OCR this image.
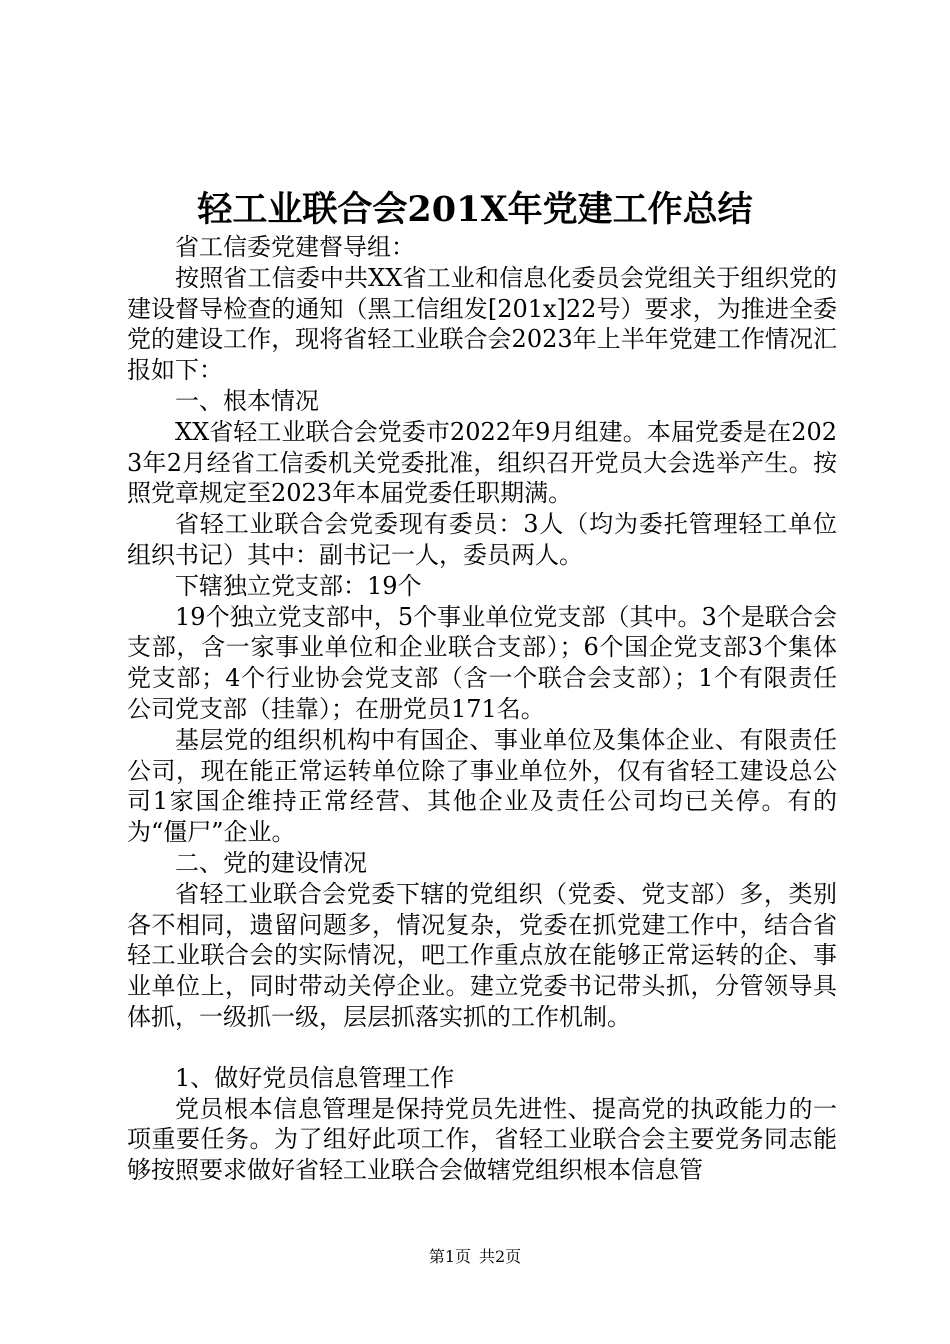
轻工业联合会201X年党建工作总结

省工信委党建督导组：

按照省工信委中共XX省工业和信息化委员会党组关于组织党的建设督导检查的通知（黑工信组发[201x]22号）要求，为推进全委党的建设工作，现将省轻工业联合会2023年上半年党建工作情况汇报如下：

一、根本情况

XX省轻工业联合会党委市2022年9月组建。本届党委是在2023年2月经省工信委机关党委批准，组织召开党员大会选举产生。按照党章规定至2023年本届党委任职期满。

省轻工业联合会党委现有委员：3人（均为委托管理轻工单位组织书记）其中：副书记一人，委员两人。

下辖独立党支部：19个

19个独立党支部中，5个事业单位党支部（其中。3个是联合会支部，含一家事业单位和企业联合支部）；6个国企党支部3个集体党支部；4个行业协会党支部（含一个联合会支部）；1个有限责任公司党支部（挂靠）；在册党员171名。

基层党的组织机构中有国企、事业单位及集体企业、有限责任公司，现在能正常运转单位除了事业单位外，仅有省轻工建设总公司1家国企维持正常经营、其他企业及责任公司均已关停。有的为“僵尸”企业。

二、党的建设情况

省轻工业联合会党委下辖的党组织（党委、党支部）多，类别各不相同，遗留问题多，情况复杂，党委在抓党建工作中，结合省轻工业联合会的实际情况，吧工作重点放在能够正常运转的企、事业单位上，同时带动关停企业。建立党委书记带头抓，分管领导具体抓，一级抓一级，层层抓落实抓的工作机制。

1、做好党员信息管理工作

党员根本信息管理是保持党员先进性、提高党的执政能力的一项重要任务。为了组好此项工作，省轻工业联合会主要党务同志能够按照要求做好省轻工业联合会做辖党组织根本信息管

第1页 共2页
